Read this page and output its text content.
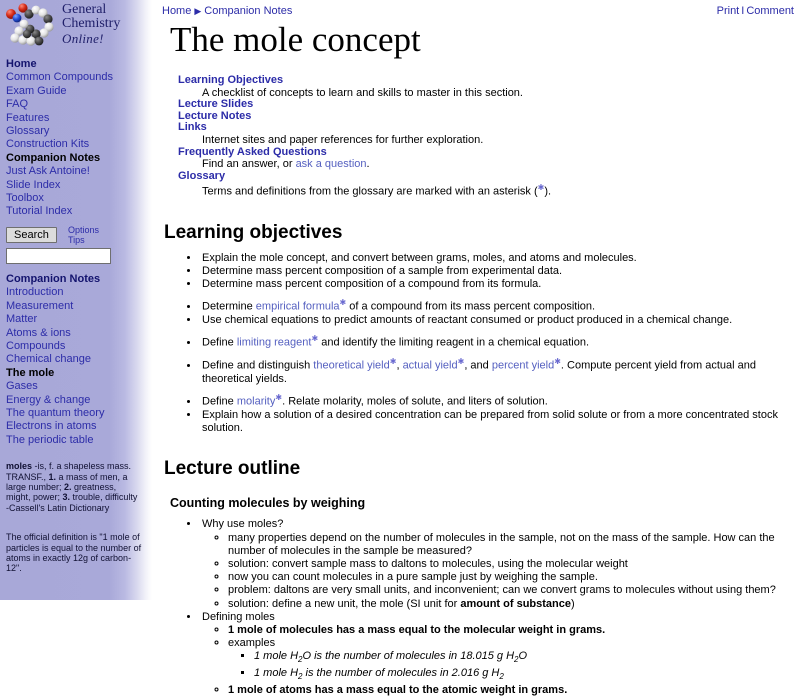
General
Chemistry
Online!
Home
Common Compounds
Exam Guide
FAQ
Features
Glossary
Construction Kits
Companion Notes
Just Ask Antoine!
Slide Index
Toolbox
Tutorial Index
Search Options
Tips
Companion Notes
Introduction
Measurement
Matter
Atoms & ions
Compounds
Chemical change
The mole
Gases
Energy & change
The quantum theory
Electrons in atoms
The periodic table
moles -is, f. a shapeless mass. TRANSF., 1. a mass of men, a large number; 2. greatness, might, power; 3. trouble, difficulty
-Cassell's Latin Dictionary
The official definition is "1 mole of particles is equal to the number of atoms in exactly 12g of carbon-12".
Home ▶ Companion Notes	Print I Comment
The mole concept
Learning Objectives
A checklist of concepts to learn and skills to master in this section.
Lecture Slides
Lecture Notes
Links
Internet sites and paper references for further exploration.
Frequently Asked Questions
Find an answer, or ask a question.
Glossary
Terms and definitions from the glossary are marked with an asterisk (✱).
Learning objectives
• Explain the mole concept, and convert between grams, moles, and atoms and molecules.
• Determine mass percent composition of a sample from experimental data.
• Determine mass percent composition of a compound from its formula.
• Determine empirical formula✱ of a compound from its mass percent composition.
• Use chemical equations to predict amounts of reactant consumed or product produced in a chemical change.
• Define limiting reagent✱ and identify the limiting reagent in a chemical equation.
• Define and distinguish theoretical yield✱, actual yield✱, and percent yield✱. Compute percent yield from actual and theoretical yields.
• Define molarity✱. Relate molarity, moles of solute, and liters of solution.
• Explain how a solution of a desired concentration can be prepared from solid solute or from a more concentrated stock solution.
Lecture outline
Counting molecules by weighing
• Why use moles?
◦ many properties depend on the number of molecules in the sample, not on the mass of the sample. How can the number of molecules in the sample be measured?
◦ solution: convert sample mass to daltons to molecules, using the molecular weight
◦ now you can count molecules in a pure sample just by weighing the sample.
◦ problem: daltons are very small units, and inconvenient; can we convert grams to molecules without using them?
◦ solution: define a new unit, the mole (SI unit for amount of substance)
• Defining moles
◦ 1 mole of molecules has a mass equal to the molecular weight in grams.
◦ examples
▪ 1 mole $H_2O$ is the number of molecules in 18.015 g $H_2O$
▪ 1 mole $H_2$ is the number of molecules in 2.016 g $H_2$
◦ 1 mole of atoms has a mass equal to the atomic weight in grams.
